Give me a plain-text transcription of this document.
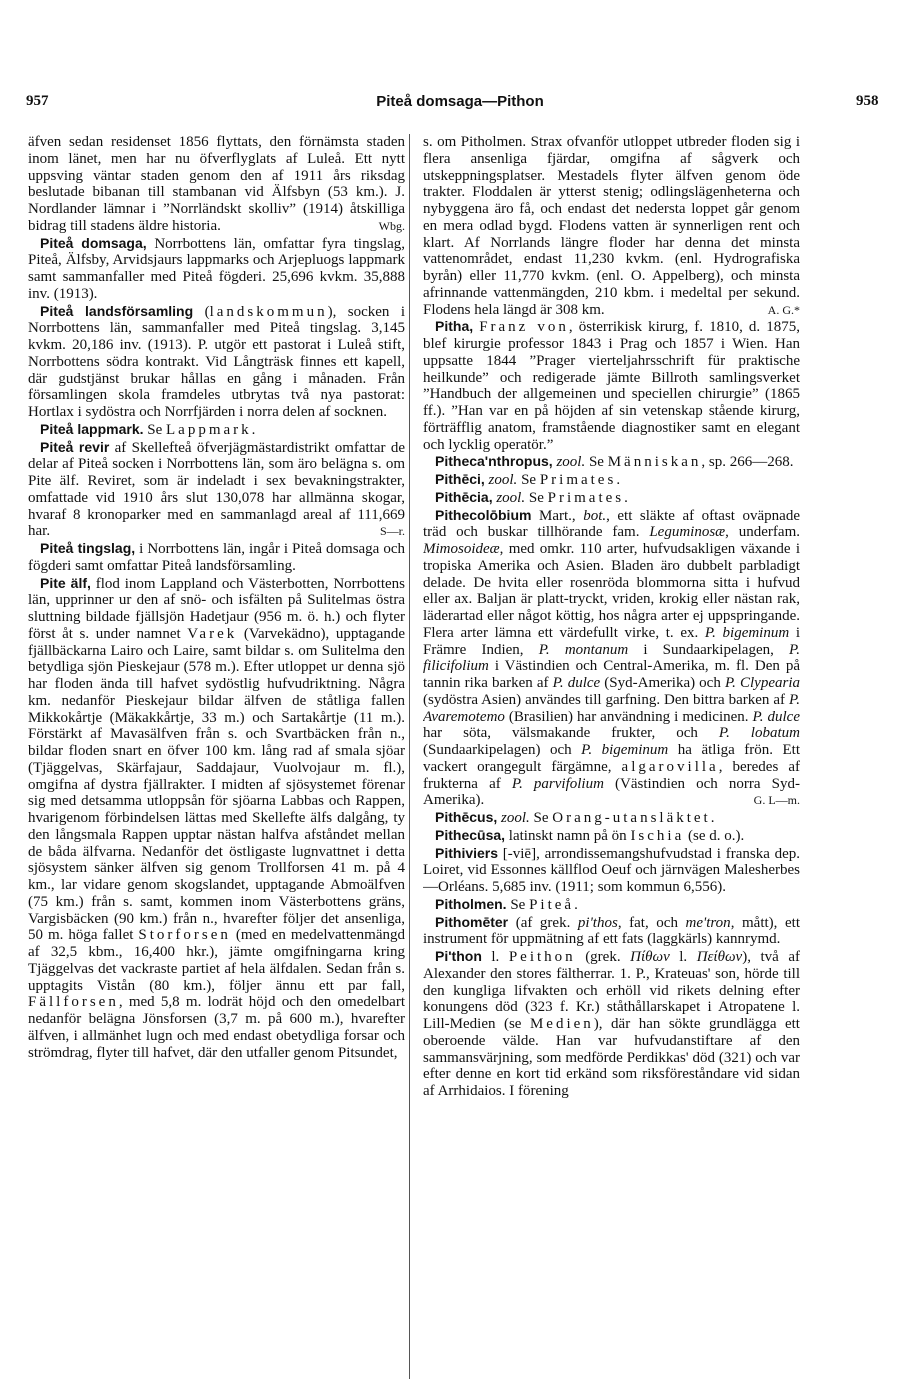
957	Piteå domsaga—Pithon	958

äfven sedan residenset 1856 flyttats, den förnämsta staden inom länet, men har nu öfverflyglats af Luleå. Ett nytt uppsving väntar staden genom den af 1911 års riksdag beslutade bibanan till stambanan vid Älfsbyn (53 km.). J. Nordlander lämnar i ”Norrländskt skolliv” (1914) åtskilliga bidrag till stadens äldre historia.	Wbg.

Piteå domsaga, Norrbottens län, omfattar fyra tingslag, Piteå, Älfsby, Arvidsjaurs lappmarks och Arjepluogs lappmark samt sammanfaller med Piteå fögderi. 25,696 kvkm. 35,888 inv. (1913).

Piteå landsförsamling (landskommun), socken i Norrbottens län, sammanfaller med Piteå tingslag. 3,145 kvkm. 20,186 inv. (1913). P. utgör ett pastorat i Luleå stift, Norrbottens södra kontrakt. Vid Långträsk finnes ett kapell, där gudstjänst brukar hållas en gång i månaden. Från församlingen skola framdeles utbrytas två nya pastorat: Hortlax i sydöstra och Norrfjärden i norra delen af socknen.

Piteå lappmark. Se Lappmark.

Piteå revir af Skellefteå öfverjägmästardistrikt omfattar de delar af Piteå socken i Norrbottens län, som äro belägna s. om Pite älf. Reviret, som är indeladt i sex bevakningstrakter, omfattade vid 1910 års slut 130,078 har allmänna skogar, hvaraf 8 kronoparker med en sammanlagd areal af 111,669 har.	S—r.

Piteå tingslag, i Norrbottens län, ingår i Piteå domsaga och fögderi samt omfattar Piteå landsförsamling.

Pite älf, flod inom Lappland och Västerbotten, Norrbottens län, upprinner ur den af snö- och isfälten på Sulitelmas östra sluttning bildade fjällsjön Hadetjaur (956 m. ö. h.) och flyter först åt s. under namnet Varek (Varvekädno), upptagande fjällbäckarna Lairo och Laire, samt bildar s. om Sulitelma den betydliga sjön Pieskejaur (578 m.). Efter utloppet ur denna sjö har floden ända till hafvet sydöstlig hufvudriktning. Några km. nedanför Pieskejaur bildar älfven de ståtliga fallen Mikkokårtje (Mäkakkårtje, 33 m.) och Sartakårtje (11 m.). Förstärkt af Mavasälfven från s. och Svartbäcken från n., bildar floden snart en öfver 100 km. lång rad af smala sjöar (Tjäggelvas, Skärfajaur, Saddajaur, Vuolvojaur m. fl.), omgifna af dystra fjällrakter. I midten af sjösystemet förenar sig med detsamma utloppsån för sjöarna Labbas och Rappen, hvarigenom förbindelsen lättas med Skellefte älfs dalgång, ty den långsmala Rappen upptar nästan halfva afståndet mellan de båda älfvarna. Nedanför det östligaste lugnvattnet i detta sjösystem sänker älfven sig genom Trollforsen 41 m. på 4 km., lar vidare genom skogslandet, upptagande Abmoälfven (75 km.) från s. samt, kommen inom Västerbottens gräns, Vargisbäcken (90 km.) från n., hvarefter följer det ansenliga, 50 m. höga fallet Storforsen (med en medelvattenmängd af 32,5 kbm., 16,400 hkr.), jämte omgifningarna kring Tjäggelvas det vackraste partiet af hela älfdalen. Sedan från s. upptagits Vistån (80 km.), följer ännu ett par fall, Fällforsen, med 5,8 m. lodrät höjd och den omedelbart nedanför belägna Jönsforsen (3,7 m. på 600 m.), hvarefter älfven, i allmänhet lugn och med endast obetydliga forsar och strömdrag, flyter till hafvet, där den utfaller genom Pitsundet,

s. om Pitholmen. Strax ofvanför utloppet utbreder floden sig i flera ansenliga fjärdar, omgifna af sågverk och utskeppningsplatser. Mestadels flyter älfven genom öde trakter. Floddalen är ytterst stenig; odlingslägenheterna och nybyggena äro få, och endast det nedersta loppet går genom en mera odlad bygd. Flodens vatten är synnerligen rent och klart. Af Norrlands längre floder har denna det minsta vattenområdet, endast 11,230 kvkm. (enl. Hydrografiska byrån) eller 11,770 kvkm. (enl. O. Appelberg), och minsta afrinnande vattenmängden, 210 kbm. i medeltal per sekund. Flodens hela längd är 308 km.	A. G.*

Pitha, Franz von, österrikisk kirurg, f. 1810, d. 1875, blef kirurgie professor 1843 i Prag och 1857 i Wien. Han uppsatte 1844 ”Prager vierteljahrsschrift für praktische heilkunde” och redigerade jämte Billroth samlingsverket ”Handbuch der allgemeinen und speciellen chirurgie” (1865 ff.). ”Han var en på höjden af sin vetenskap stående kirurg, förträfflig anatom, framstående diagnostiker samt en elegant och lycklig operatör.”

Pitheca'nthropus, zool. Se Människan, sp. 266—268.

Pithēci, zool. Se Primates.

Pithēcia, zool. Se Primates.

Pithecolōbium Mart., bot., ett släkte af oftast oväpnade träd och buskar tillhörande fam. Leguminosæ, underfam. Mimosoideæ, med omkr. 110 arter, hufvudsakligen växande i tropiska Amerika och Asien. Bladen äro dubbelt parbladigt delade. De hvita eller rosenröda blommorna sitta i hufvud eller ax. Baljan är platt-tryckt, vriden, krokig eller nästan rak, läderartad eller något köttig, hos några arter ej uppspringande. Flera arter lämna ett värdefullt virke, t. ex. P. bigeminum i Främre Indien, P. montanum i Sundaarkipelagen, P. filicifolium i Västindien och Central-Amerika, m. fl. Den på tannin rika barken af P. dulce (Syd-Amerika) och P. Clypearia (sydöstra Asien) användes till garfning. Den bittra barken af P. Avaremotemo (Brasilien) har användning i medicinen. P. dulce har söta, välsmakande frukter, och P. lobatum (Sundaarkipelagen) och P. bigeminum ha ätliga frön. Ett vackert orangegult färgämne, algarovilla, beredes af frukterna af P. parvifolium (Västindien och norra Syd-Amerika).	G. L—m.

Pithēcus, zool. Se Orang-utansläktet.

Pithecūsa, latinskt namn på ön Ischia (se d. o.).

Pithiviers [-viē], arrondissemangshufvudstad i franska dep. Loiret, vid Essonnes källflod Oeuf och järnvägen Malesherbes—Orléans. 5,685 inv. (1911; som kommun 6,556).

Pitholmen. Se Piteå.

Pithomēter (af grek. pi'thos, fat, och me'tron, mått), ett instrument för uppmätning af ett fats (laggkärls) kannrymd.

Pi'thon l. Peithon (grek. Πίθων l. Πείθων), två af Alexander den stores fältherrar. 1. P., Krateuas' son, hörde till den kungliga lifvakten och erhöll vid rikets delning efter konungens död (323 f. Kr.) ståthållarskapet i Atropatene l. Lill-Medien (se Medien), där han sökte grundlägga ett oberoende välde. Han var hufvudanstiftare af den sammansvärjning, som medförde Perdikkas' död (321) och var efter denne en kort tid erkänd som riksföreståndare vid sidan af Arrhidaios. I förening
